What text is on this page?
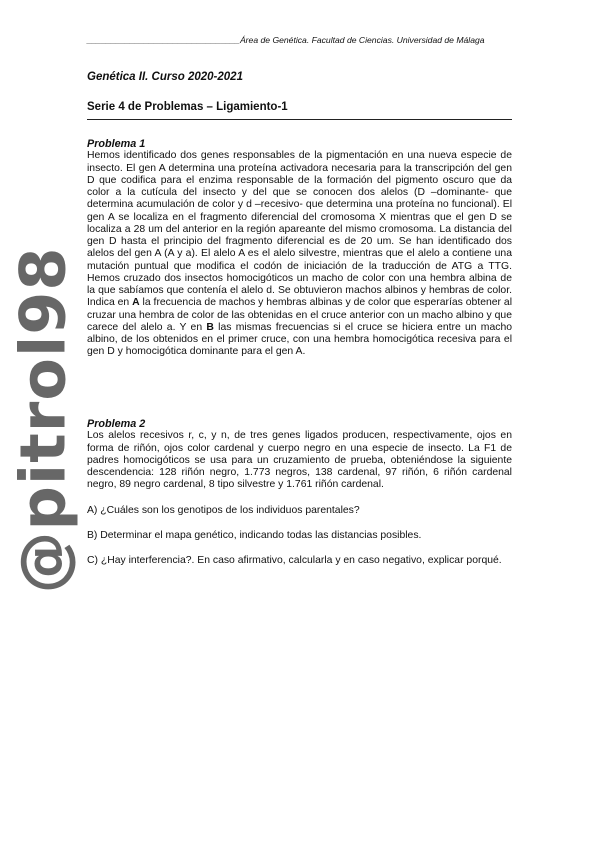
________________________________Área de Genética. Facultad de Ciencias. Universidad de Málaga
Genética II. Curso 2020-2021
Serie 4 de Problemas – Ligamiento-1

Problema 1

Hemos identificado dos genes responsables de la pigmentación en una nueva especie de insecto. El gen A determina una proteína activadora necesaria para la transcripción del gen D que codifica para el enzima responsable de la formación del pigmento oscuro que da color a la cutícula del insecto y del que se conocen dos alelos (D –dominante- que determina acumulación de color y d –recesivo- que determina una proteína no funcional). El gen A se localiza en el fragmento diferencial del cromosoma X mientras que el gen D se localiza a 28 um del anterior en la región apareante del mismo cromosoma. La distancia del gen D hasta el principio del fragmento diferencial es de 20 um. Se han identificado dos alelos del gen A (A y a). El alelo A es el alelo silvestre, mientras que el alelo a contiene una mutación puntual que modifica el codón de iniciación de la traducción de ATG a TTG. Hemos cruzado dos insectos homocigóticos un macho de color con una hembra albina de la que sabíamos que contenía el alelo d. Se obtuvieron machos albinos y hembras de color. Indica en A la frecuencia de machos y hembras albinas y de color que esperarías obtener al cruzar una hembra de color de las obtenidas en el cruce anterior con un macho albino y que carece del alelo a. Y en B las mismas frecuencias si el cruce se hiciera entre un macho albino, de los obtenidos en el primer cruce, con una hembra homocigótica recesiva para el gen D y homocigótica dominante para el gen A.

Problema 2

Los alelos recesivos r, c, y n, de tres genes ligados producen, respectivamente, ojos en forma de riñón, ojos color cardenal y cuerpo negro en una especie de insecto. La F1 de padres homocigóticos se usa para un cruzamiento de prueba, obteniéndose la siguiente descendencia: 128 riñón negro, 1.773 negros, 138 cardenal, 97 riñón, 6 riñón cardenal negro, 89 negro cardenal, 8 tipo silvestre y 1.761 riñón cardenal.

A) ¿Cuáles son los genotipos de los individuos parentales?

B) Determinar el mapa genético, indicando todas las distancias posibles.

C) ¿Hay interferencia?. En caso afirmativo, calcularla y en caso negativo, explicar porqué.

@pitrol98
